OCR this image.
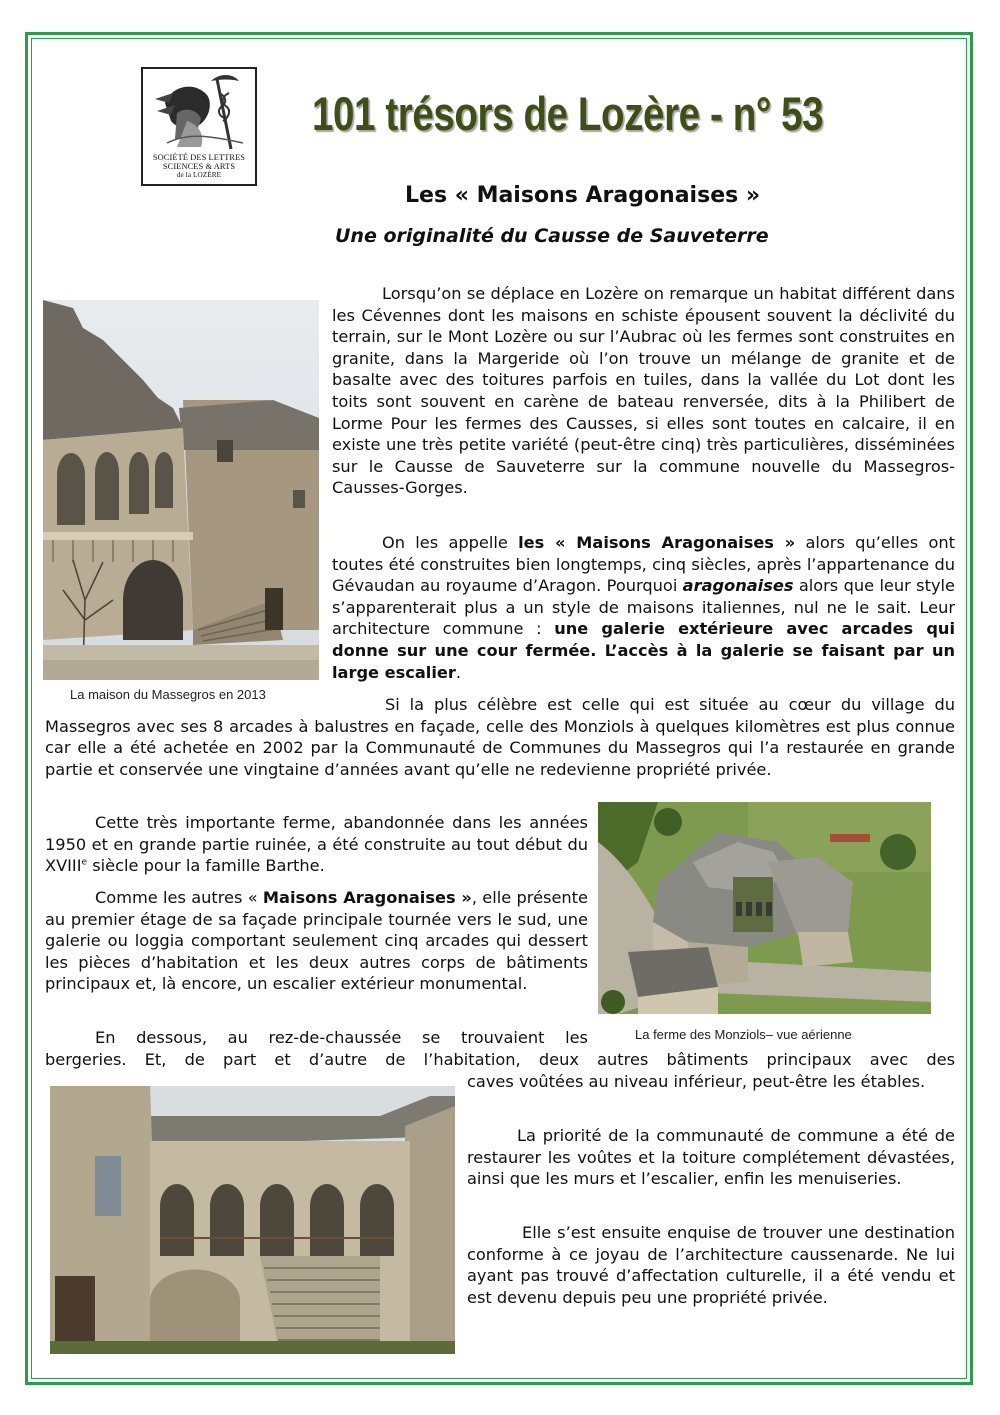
SOCIÉTÉ DES LETTRES
SCIENCES & ARTS
de la LOZÈRE
101 trésors de Lozère - n° 53
Les « Maisons Aragonaises »
Une originalité du Causse de Sauveterre
La maison du Massegros en 2013
Lorsqu’on se déplace en Lozère on remarque un habitat différent dans les Cévennes dont les maisons en schiste épousent souvent la déclivité du terrain, sur le Mont Lozère ou sur l’Aubrac où les fermes sont construites en granite, dans la Margeride où l’on trouve un mélange de granite et de basalte avec des toitures parfois en tuiles, dans la vallée du Lot dont les toits sont souvent en carène de bateau renversée, dits à la Philibert de Lorme Pour les fermes des Causses, si elles sont toutes en calcaire, il en existe une très petite variété (peut-être cinq) très particulières, disséminées sur le Causse de Sauveterre sur la commune nouvelle du Massegros-Causses-Gorges.
On les appelle les « Maisons Aragonaises » alors qu’elles ont toutes été construites bien longtemps, cinq siècles, après l’appartenance du Gévaudan au royaume d’Aragon. Pourquoi aragonaises alors que leur style s’apparenterait plus a un style de maisons italiennes, nul ne le sait. Leur architecture commune : une galerie extérieure avec arcades qui donne sur une cour fermée. L’accès à la galerie se faisant par un large escalier.
Si la plus célèbre est celle qui est située au cœur du village du Massegros avec ses 8 arcades à balustres en façade, celle des Monziols à quelques kilomètres est plus connue car elle a été achetée en 2002 par la Communauté de Communes du Massegros qui l’a restaurée en grande partie et conservée une vingtaine d’années avant qu’elle ne redevienne propriété privée.
La ferme des Monziols– vue aérienne
Cette très importante ferme, abandonnée dans les années 1950 et en grande partie ruinée, a été construite au tout début du XVIIIe siècle pour la famille Barthe.
Comme les autres « Maisons Aragonaises », elle présente au premier étage de sa façade principale tournée vers le sud, une galerie ou loggia comportant seulement cinq arcades qui dessert les pièces d’habitation et les deux autres corps de bâtiments principaux et, là encore, un escalier extérieur monumental.
En dessous, au rez-de-chaussée se trouvaient les
bergeries. Et, de part et d’autre de l’habitation, deux autres bâtiments principaux avec des
caves voûtées au niveau inférieur, peut-être les étables.
La priorité de la communauté de commune a été de restaurer les voûtes et la toiture complétement dévastées, ainsi que les murs et l’escalier, enfin les menuiseries.
Elle s’est ensuite enquise de trouver une destination conforme à ce joyau de l’architecture caussenarde. Ne lui ayant pas trouvé d’affectation culturelle, il a été vendu et est devenu depuis peu une propriété privée.
